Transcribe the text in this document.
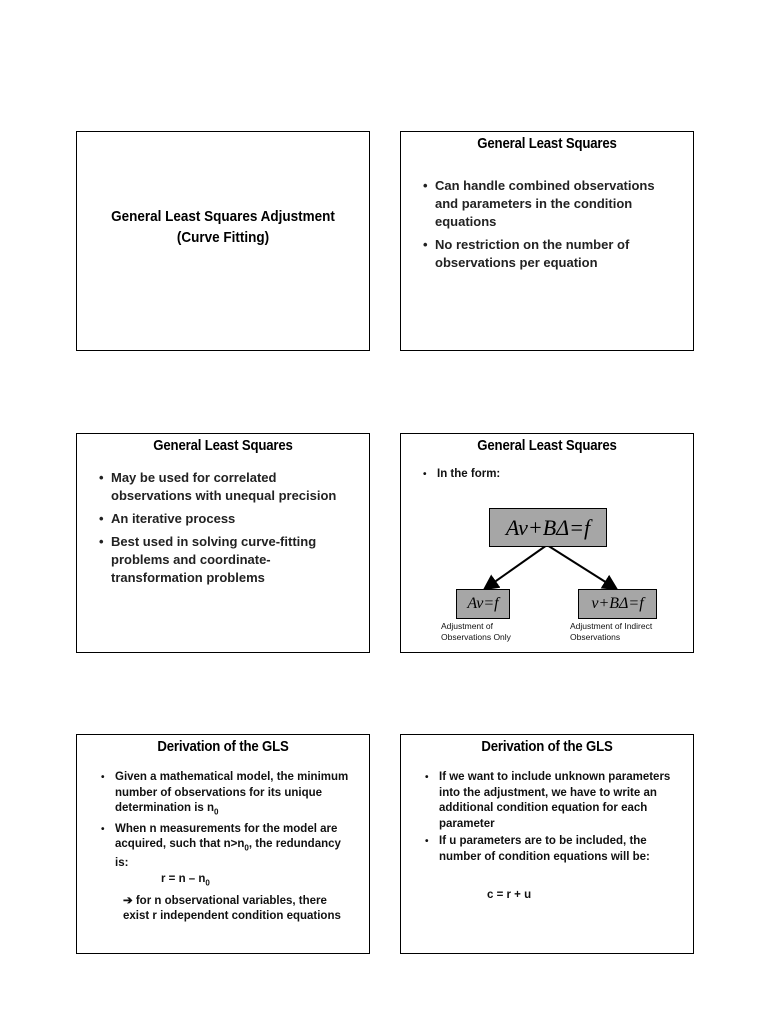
General Least Squares Adjustment
(Curve Fitting)
General Least Squares
• Can handle combined observations and parameters in the condition equations
• No restriction on the number of observations per equation
General Least Squares
• May be used for correlated observations with unequal precision
• An iterative process
• Best used in solving curve-fitting problems and coordinate-transformation problems
General Least Squares
• In the form:
Av+BΔ=f
Av=f	v+BΔ=f
Adjustment of
Observations Only
Adjustment of Indirect
Observations
Derivation of the GLS
• Given a mathematical model, the minimum number of observations for its unique determination is $n_0$
• When n measurements for the model are acquired, such that $n>n_0$, the redundancy is:
$r = n - n_0$
➔ for n observational variables, there exist r independent condition equations
Derivation of the GLS
• If we want to include unknown parameters into the adjustment, we have to write an additional condition equation for each parameter
• If u parameters are to be included, the number of condition equations will be:
c = r + u
